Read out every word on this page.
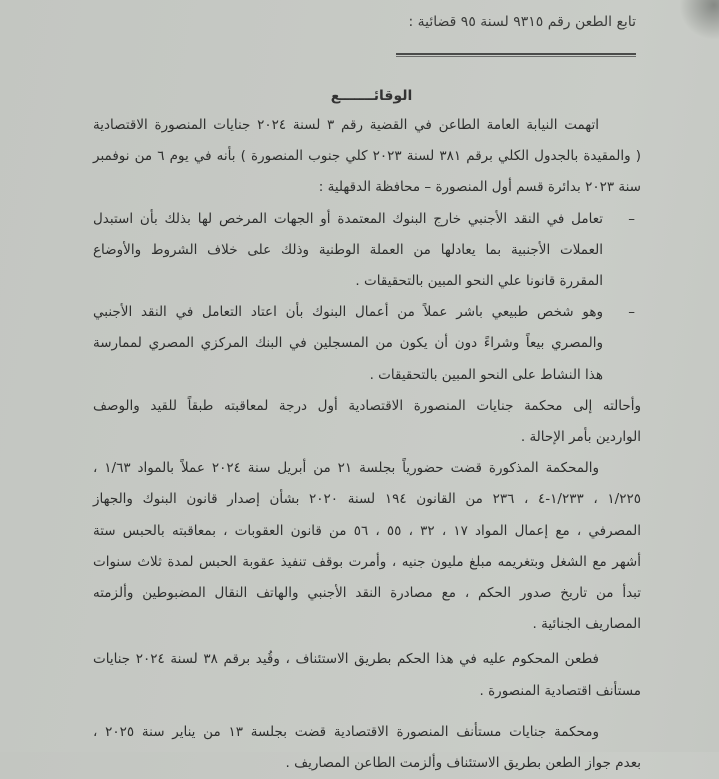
تابع الطعن رقم ٩٣١٥ لسنة ٩٥ قضائية :
الوقائـــــــع
اتهمت النيابة العامة الطاعن في القضية رقم ٣ لسنة ٢٠٢٤ جنايات المنصورة الاقتصادية
( والمقيدة بالجدول الكلي برقم ٣٨١ لسنة ٢٠٢٣ كلي جنوب المنصورة ) بأنه في يوم ٦ من نوفمبر
سنة ٢٠٢٣ بدائرة قسم أول المنصورة – محافظة الدقهلية :
–
تعامل في النقد الأجنبي خارج البنوك المعتمدة أو الجهات المرخص لها بذلك بأن استبدل
العملات الأجنبية بما يعادلها من العملة الوطنية وذلك على خلاف الشروط والأوضاع
المقررة قانونا علي النحو المبين بالتحقيقات .
–
وهو شخص طبيعي باشر عملاً من أعمال البنوك بأن اعتاد التعامل في النقد الأجنبي
والمصري بيعاً وشراءً دون أن يكون من المسجلين في البنك المركزي المصري لممارسة
هذا النشاط على النحو المبين بالتحقيقات .
وأحالته إلى محكمة جنايات المنصورة الاقتصادية أول درجة لمعاقبته طبقاً للقيد والوصف
الواردين بأمر الإحالة .
والمحكمة المذكورة قضت حضورياً بجلسة ٢١ من أبريل سنة ٢٠٢٤ عملاً بالمواد ١/٦٣ ،
١/٢٢٥ ، ١/٢٣٣-٤ ، ٢٣٦ من القانون ١٩٤ لسنة ٢٠٢٠ بشأن إصدار قانون البنوك والجهاز
المصرفي ، مع إعمال المواد ١٧ ، ٣٢ ، ٥٥ ، ٥٦ من قانون العقوبات ، بمعاقبته بالحبس ستة
أشهر مع الشغل وبتغريمه مبلغ مليون جنيه ، وأمرت بوقف تنفيذ عقوبة الحبس لمدة ثلاث سنوات
تبدأ من تاريخ صدور الحكم ، مع مصادرة النقد الأجنبي والهاتف النقال المضبوطين وألزمته
المصاريف الجنائية .
فطعن المحكوم عليه في هذا الحكم بطريق الاستئناف ، وقُيد برقم ٣٨ لسنة ٢٠٢٤ جنايات
مستأنف اقتصادية المنصورة .
ومحكمة جنايات مستأنف المنصورة الاقتصادية قضت بجلسة ١٣ من يناير سنة ٢٠٢٥ ،
بعدم جواز الطعن بطريق الاستئناف وألزمت الطاعن المصاريف .
